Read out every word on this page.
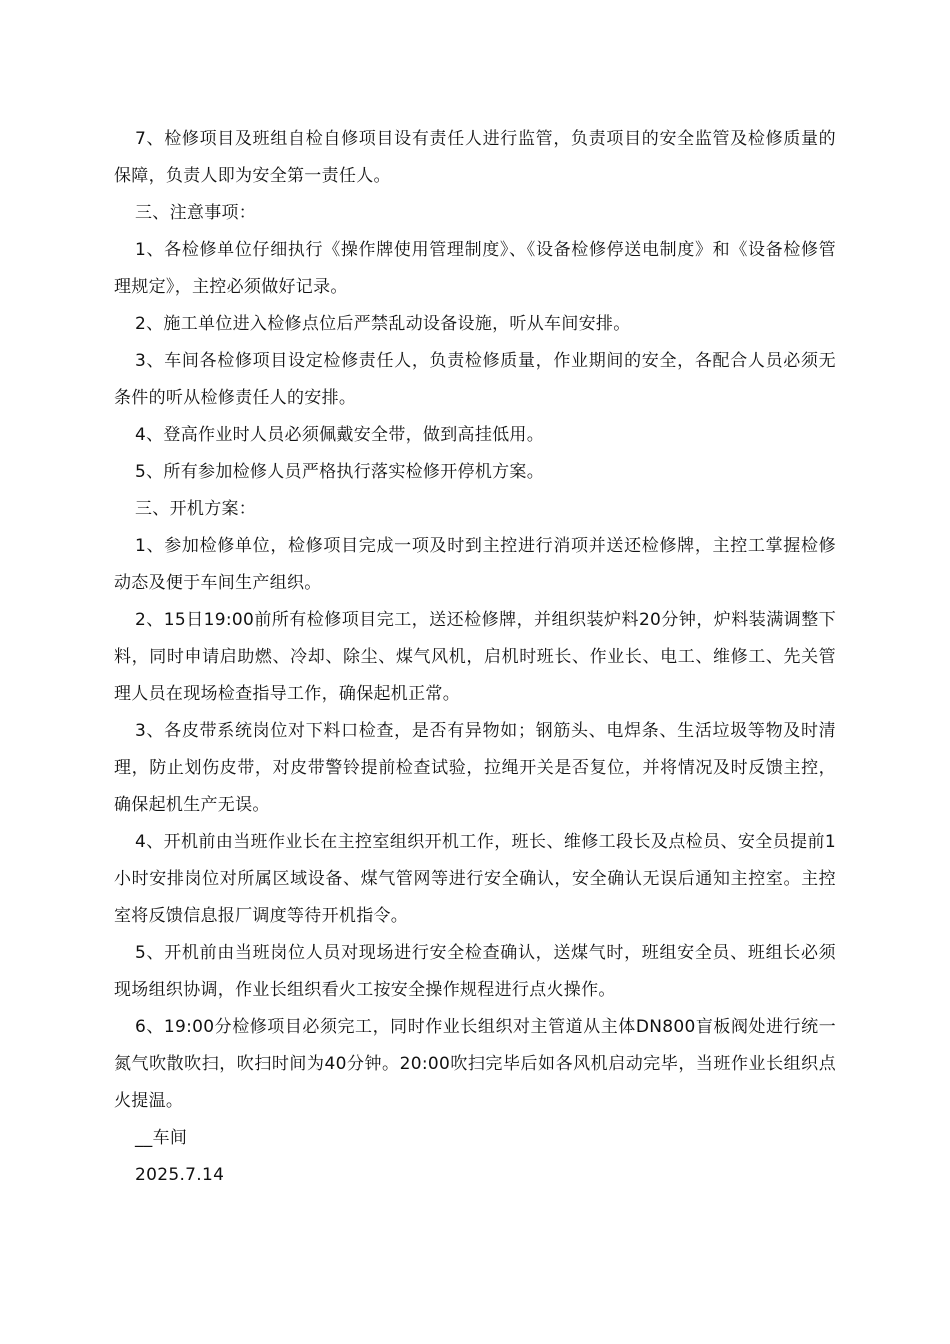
7、检修项目及班组自检自修项目设有责任人进行监管，负责项目的安全监管及检修质量的保障，负责人即为安全第一责任人。

三、注意事项：

1、各检修单位仔细执行《操作牌使用管理制度》、《设备检修停送电制度》和《设备检修管理规定》，主控必须做好记录。

2、施工单位进入检修点位后严禁乱动设备设施，听从车间安排。

3、车间各检修项目设定检修责任人，负责检修质量，作业期间的安全，各配合人员必须无条件的听从检修责任人的安排。

4、登高作业时人员必须佩戴安全带，做到高挂低用。

5、所有参加检修人员严格执行落实检修开停机方案。

三、开机方案：

1、参加检修单位，检修项目完成一项及时到主控进行消项并送还检修牌，主控工掌握检修动态及便于车间生产组织。

2、15日19:00前所有检修项目完工，送还检修牌，并组织装炉料20分钟，炉料装满调整下料，同时申请启助燃、冷却、除尘、煤气风机，启机时班长、作业长、电工、维修工、先关管理人员在现场检查指导工作，确保起机正常。

3、各皮带系统岗位对下料口检查，是否有异物如；钢筋头、电焊条、生活垃圾等物及时清理，防止划伤皮带，对皮带警铃提前检查试验，拉绳开关是否复位，并将情况及时反馈主控，确保起机生产无误。

4、开机前由当班作业长在主控室组织开机工作，班长、维修工段长及点检员、安全员提前1小时安排岗位对所属区域设备、煤气管网等进行安全确认，安全确认无误后通知主控室。主控室将反馈信息报厂调度等待开机指令。

5、开机前由当班岗位人员对现场进行安全检查确认，送煤气时，班组安全员、班组长必须现场组织协调，作业长组织看火工按安全操作规程进行点火操作。

6、19:00分检修项目必须完工，同时作业长组织对主管道从主体DN800盲板阀处进行统一氮气吹散吹扫，吹扫时间为40分钟。20:00吹扫完毕后如各风机启动完毕，当班作业长组织点火提温。

__车间

2025.7.14
